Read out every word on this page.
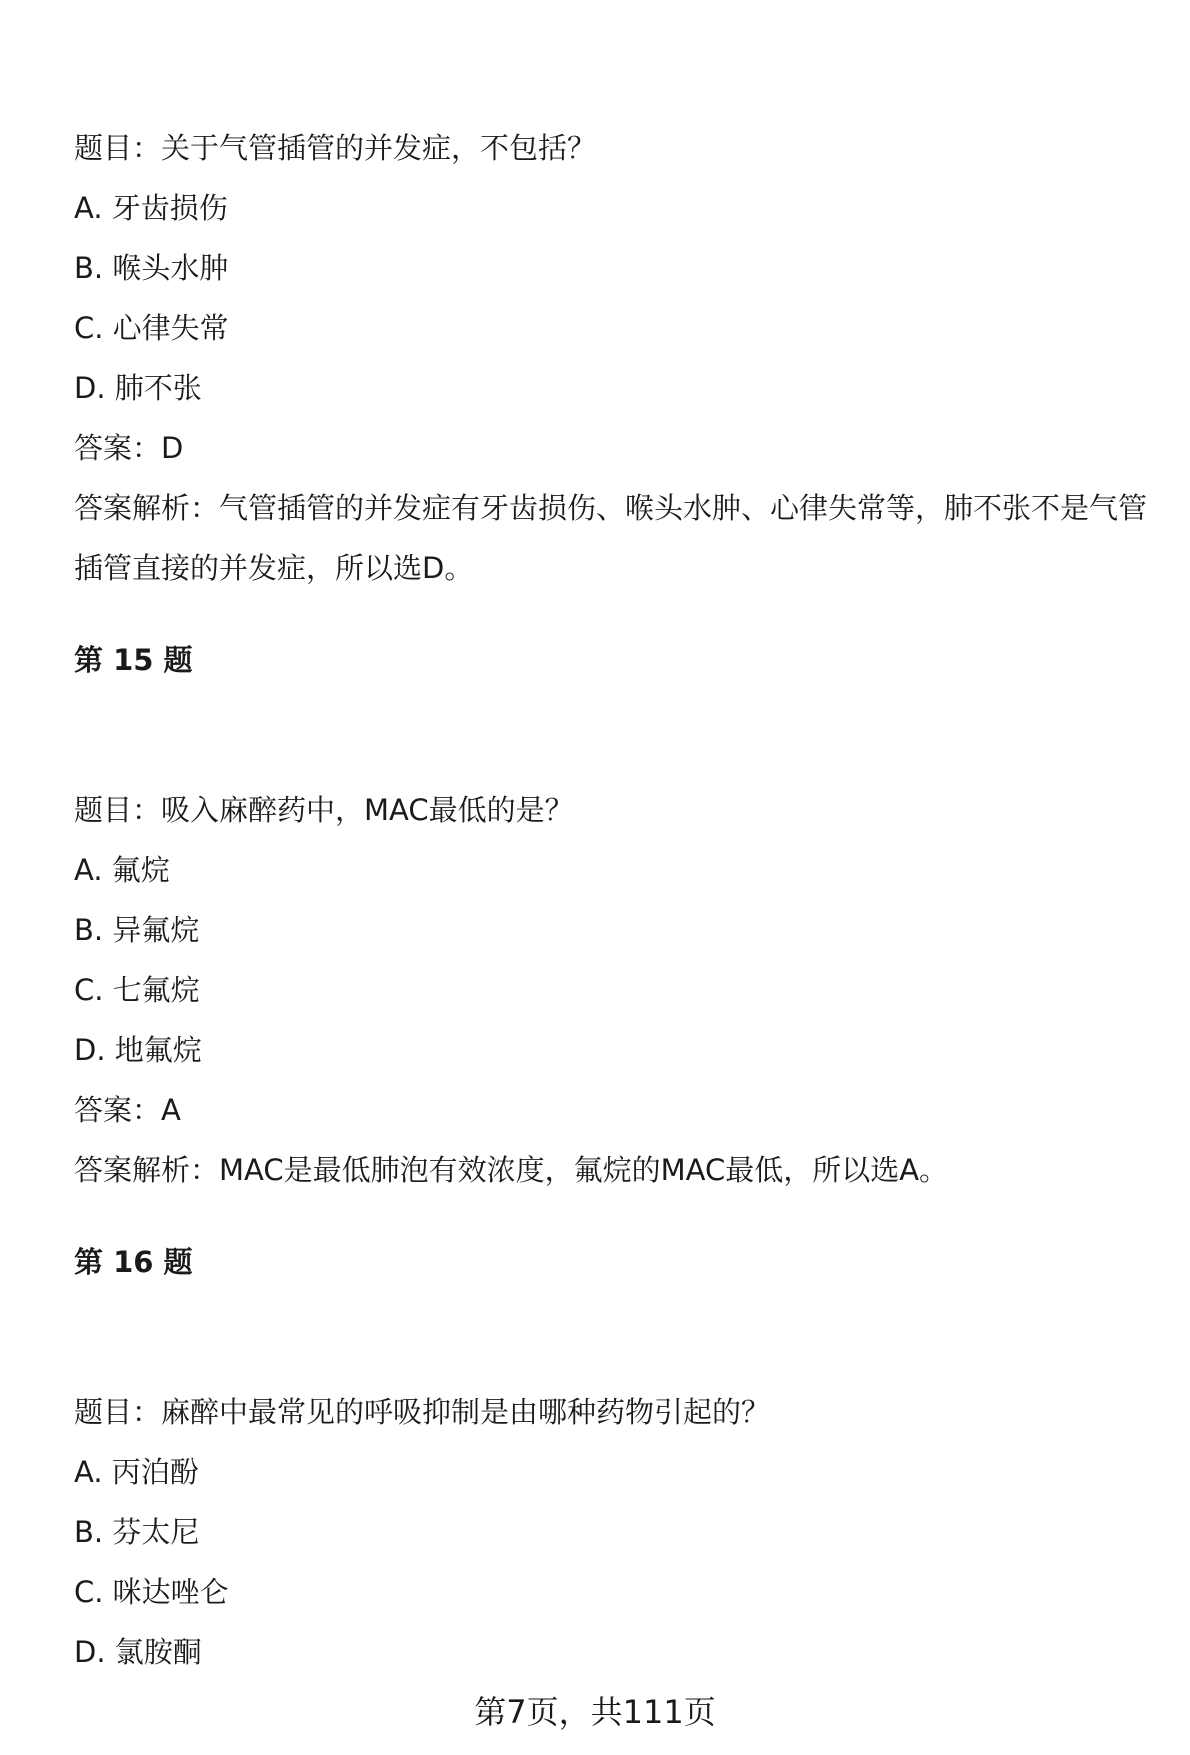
题目：关于气管插管的并发症，不包括？
A. 牙齿损伤
B. 喉头水肿
C. 心律失常
D. 肺不张
答案：D
答案解析：气管插管的并发症有牙齿损伤、喉头水肿、心律失常等，肺不张不是气管插管直接的并发症，所以选D。
第 15 题
题目：吸入麻醉药中，MAC最低的是？
A. 氟烷
B. 异氟烷
C. 七氟烷
D. 地氟烷
答案：A
答案解析：MAC是最低肺泡有效浓度，氟烷的MAC最低，所以选A。
第 16 题
题目：麻醉中最常见的呼吸抑制是由哪种药物引起的？
A. 丙泊酚
B. 芬太尼
C. 咪达唑仑
D. 氯胺酮
第7页，共111页
